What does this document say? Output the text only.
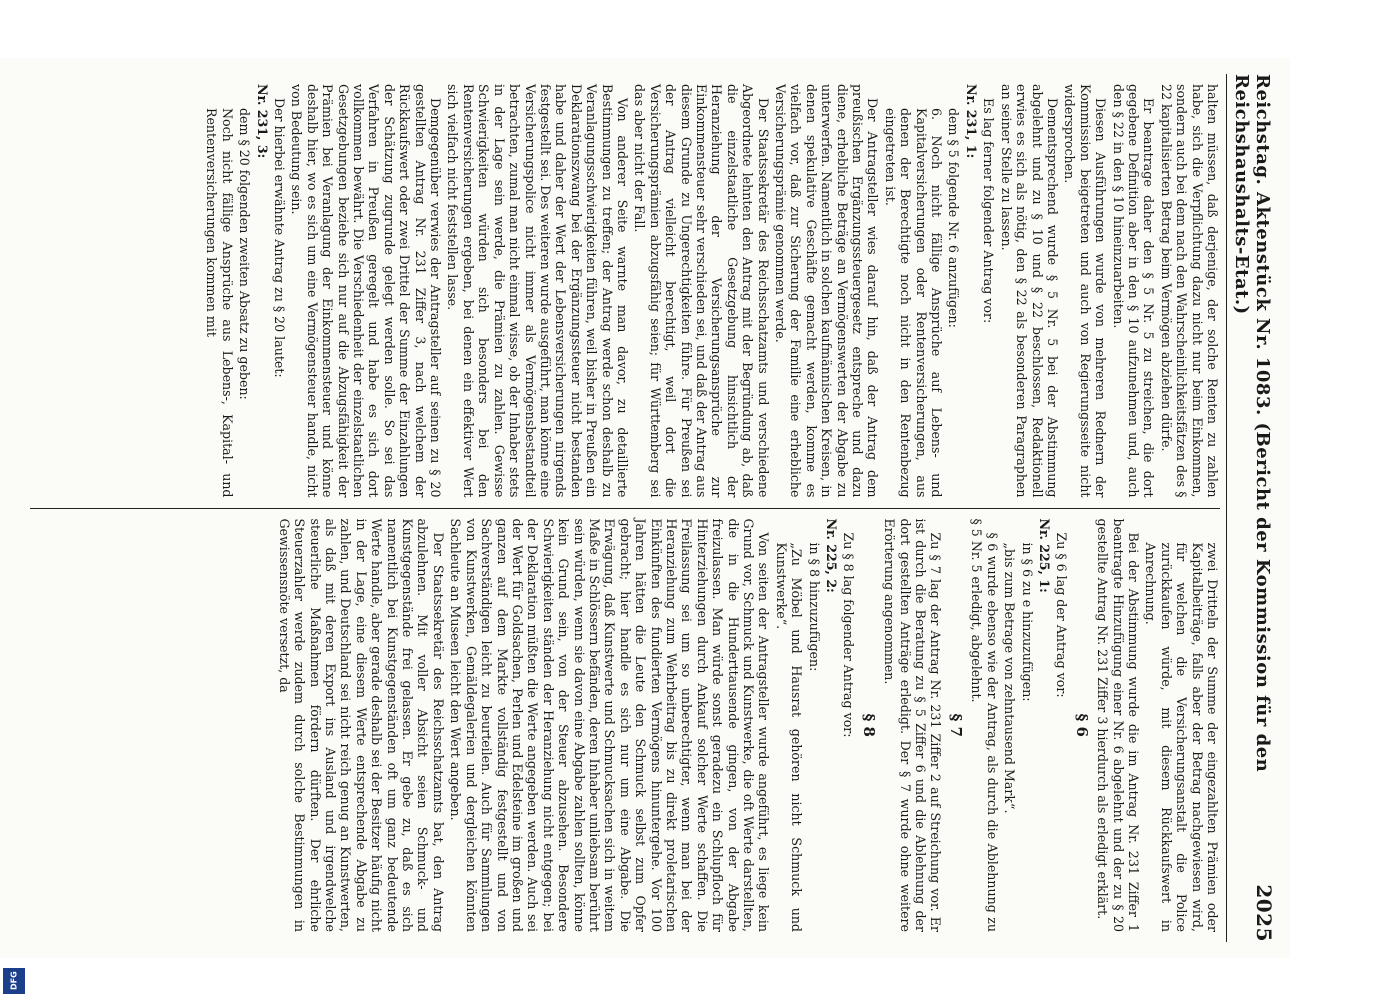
DFG
Reichstag. Aktenstück Nr. 1083. (Bericht der Kommission für den Reichshaushalts-Etat.)
2025

halten müssen, daß derjenige, der solche Renten zu zahlen habe, sich die Verpflichtung dazu nicht nur beim Einkommen, sondern auch bei dem nach den Wahrscheinlichkeitsfätzen des § 22 kapitalisierten Betrag beim Vermögen abziehen dürfe.

Er beantrage daher den § 5 Nr. 5 zu streichen, die dort gegebene Definition aber in den § 10 aufzunehmen und, auch den § 22 in den § 10 hineinzuarbeiten.

Diesen Ausführungen wurde von mehreren Rednern der Kommission beigetreten und auch von Regierungsseite nicht widersprochen.

Dementsprechend wurde § 5 Nr. 5 bei der Abstimmung abgelehnt und zu § 10 und § 22 beschlossen, Redaktionell erwies es sich als nötig, den § 22 als besonderen Paragraphen an seiner Stelle zu lassen.

Es lag ferner folgender Antrag vor:

Nr. 231, 1:

dem § 5 folgende Nr. 6 anzufügen:

6. Noch nicht fällige Ansprüche auf Lebens- und Kapitalversicherungen oder Rentenversicherungen, aus denen der Berechtigte noch nicht in den Rentenbezug eingetreten ist.

Der Antragsteller wies darauf hin, daß der Antrag dem preußischen Ergänzungssteuergesetz entspreche und dazu diene, erhebliche Beträge an Vermögenswerten der Abgabe zu unterwerfen. Namentlich in solchen kaufmännischen Kreisen, in denen spekulative Geschäfte gemacht werden, komme es vielfach vor, daß zur Sicherung der Familie eine erhebliche Versicherungsprämie genommen werde.

Der Staatssekretär des Reichsschatzamts und verschiedene Abgeordnete lehnten den Antrag mit der Begründung ab, daß die einzelstaatliche Gesetzgebung hinsichtlich der Heranziehung der Versicherungsansprüche zur Einkommensteuer sehr verschieden sei, und daß der Antrag aus diesem Grunde zu Ungerechtigkeiten führe. Für Preußen sei der Antrag vielleicht berechtigt, weil dort die Versicherungsprämien abzugsfähig seien; für Württemberg sei das aber nicht der Fall.

Von anderer Seite warnte man davor, zu detaillierte Bestimmungen zu treffen; der Antrag werde schon deshalb zu Veranlagungsschwierigkeiten führen, weil bisher in Preußen ein Deklarationszwang bei der Ergänzungssteuer nicht bestanden habe und daher der Wert der Lebensversicherungen nirgends festgestellt sei. Des weiteren wurde ausgeführt, man könne eine Versicherungspolice nicht immer als Vermögensbestandteil betrachten, zumal man nicht einmal wisse, ob der Inhaber stets in der Lage sein werde, die Prämien zu zahlen. Gewisse Schwierigkeiten würden sich besonders bei den Rentenversicherungen ergeben, bei denen ein effektiver Wert sich vielfach nicht feststellen lasse.

Demgegenüber verwies der Antragsteller auf seinen zu § 20 gestellten Antrag Nr. 231 Ziffer 3, nach welchem der Rückkaufswert oder zwei Drittel der Summe der Einzahlungen der Schätzung zugrunde gelegt werden solle. So sei das Verfahren in Preußen geregelt und habe es sich dort vollkommen bewährt. Die Verschiedenheit der einzelstaatlichen Gesetzgebungen beziehe sich nur auf die Abzugsfähigkeit der Prämien bei Veranlagung der Einkommensteuer und könne deshalb hier, wo es sich um eine Vermögensteuer handle, nicht von Bedeutung sein.

Der hierbei erwähnte Antrag zu § 20 lautet:

Nr. 231, 3:

dem § 20 folgenden zweiten Absatz zu geben:

Noch nicht fällige Ansprüche aus Lebens-, Kapital- und Rentenversicherungen kommen mit

zwei Dritteln der Summe der eingezahlten Prämien oder Kapitalbeiträge, falls aber der Betrag nachgewiesen wird, für welchen die Versicherungsanstalt die Police zurückkaufen würde, mit diesem Rückkaufswert in Anrechnung.

Bei der Abstimmung wurde die im Antrag Nr. 231 Ziffer 1 beantragte Hinzufügung einer Nr. 6 abgelehnt und der zu § 20 gestellte Antrag Nr. 231 Ziffer 3 hierdurch als erledigt erklärt.

§ 6

Zu § 6 lag der Antrag vor:

Nr. 225, 1:

in § 6 zu e hinzuzufügen:

„bis zum Betrage von zehntausend Mark“.

§ 6 wurde ebenso wie der Antrag, als durch die Ablehnung zu § 5 Nr. 5 erledigt, abgelehnt.

§ 7

Zu § 7 lag der Antrag Nr. 231 Ziffer 2 auf Streichung vor. Er ist durch die Beratung zu § 5 Ziffer 6 und die Ablehnung der dort gestellten Anträge erledigt. Der § 7 wurde ohne weitere Erörterung angenommen.

§ 8

Zu § 8 lag folgender Antrag vor:

Nr. 225, 2:

in § 8 hinzuzufügen:

„Zu Möbel und Hausrat gehören nicht Schmuck und Kunstwerke“.

Von seiten der Antragsteller wurde angeführt, es liege kein Grund vor, Schmuck und Kunstwerke, die oft Werte darstellten, die in die Hunderttausende gingen, von der Abgabe freizulassen. Man würde sonst geradezu ein Schlupfloch für Hinterziehungen durch Ankauf solcher Werte schaffen. Die Freilassung sei um so unberechtigter, wenn man bei der Heranziehung zum Wehrbeitrag bis zu direkt proletarischen Einkünften des fundierten Vermögens hinuntergehe. Vor 100 Jahren hätten die Leute den Schmuck selbst zum Opfer gebracht; hier handle es sich nur um eine Abgabe. Die Erwägung, daß Kunstwerte und Schmucksachen sich in weitem Maße in Schlössern befänden, deren Inhaber unliebsam berührt sein würden, wenn sie davon eine Abgabe zahlen sollten, könne kein Grund sein, von der Steuer abzusehen. Besondere Schwierigkeiten ständen der Heranziehung nicht entgegen; bei der Deklaration müßten die Werte angegeben werden. Auch sei der Wert für Goldsachen, Perlen und Edelsteine im großen und ganzen auf dem Markte vollständig festgestellt und von Sachverständigen leicht zu beurteilen. Auch für Sammlungen von Kunstwerken, Gemäldegalerien und dergleichen könnten Sachleute an Museen leicht den Wert angeben.

Der Staatssekretär des Reichsschatzamts bat, den Antrag abzulehnen. Mit voller Absicht seien Schmuck- und Kunstgegenstände frei gelassen. Er gebe zu, daß es sich namentlich bei Kunstgegenständen oft um ganz bedeutende Werte handle, aber gerade deshalb sei der Besitzer häufig nicht in der Lage, eine diesem Werte entsprechende Abgabe zu zahlen, und Deutschland sei nicht reich genug an Kunstwerten, als daß mit deren Export ins Ausland und irgendwelche steuerliche Maßnahmen fördern dürften. Der ehrliche Steuerzahler werde zudem durch solche Bestimmungen in Gewissensnöte versetzt, da
